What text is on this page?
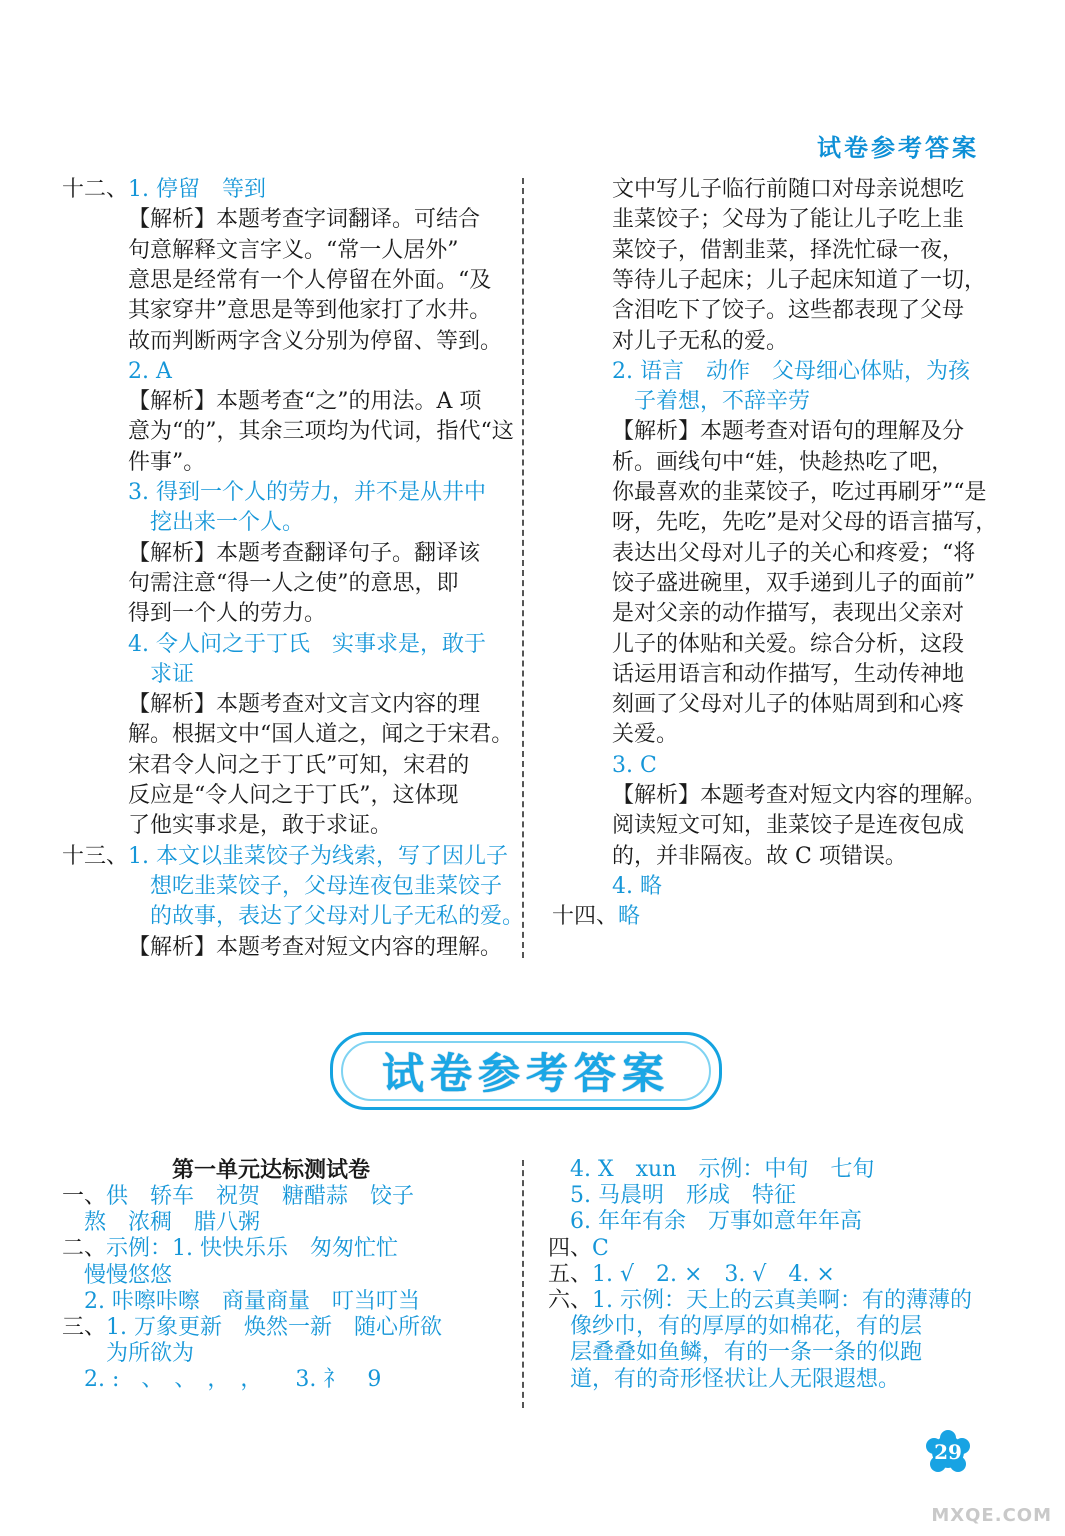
试卷参考答案
十二、1. 停留　等到
【解析】本题考查字词翻译。可结合
句意解释文言字义。“常一人居外”
意思是经常有一个人停留在外面。“及
其家穿井”意思是等到他家打了水井。
故而判断两字含义分别为停留、等到。
2. A
【解析】本题考查“之”的用法。A 项
意为“的”，其余三项均为代词，指代“这
件事”。
3. 得到一个人的劳力，并不是从井中
　挖出来一个人。
【解析】本题考查翻译句子。翻译该
句需注意“得一人之使”的意思，即
得到一个人的劳力。
4. 令人问之于丁氏　实事求是，敢于
　求证
【解析】本题考查对文言文内容的理
解。根据文中“国人道之，闻之于宋君。
宋君令人问之于丁氏”可知，宋君的
反应是“令人问之于丁氏”，这体现
了他实事求是，敢于求证。
十三、1. 本文以韭菜饺子为线索，写了因儿子
　想吃韭菜饺子，父母连夜包韭菜饺子
　的故事，表达了父母对儿子无私的爱。
【解析】本题考查对短文内容的理解。
文中写儿子临行前随口对母亲说想吃
韭菜饺子；父母为了能让儿子吃上韭
菜饺子，借割韭菜，择洗忙碌一夜，
等待儿子起床；儿子起床知道了一切，
含泪吃下了饺子。这些都表现了父母
对儿子无私的爱。
2. 语言　动作　父母细心体贴，为孩
　子着想，不辞辛劳
【解析】本题考查对语句的理解及分
析。画线句中“娃，快趁热吃了吧，
你最喜欢的韭菜饺子，吃过再刷牙”“是
呀，先吃，先吃”是对父母的语言描写，
表达出父母对儿子的关心和疼爱；“将
饺子盛进碗里，双手递到儿子的面前”
是对父亲的动作描写，表现出父亲对
儿子的体贴和关爱。综合分析，这段
话运用语言和动作描写，生动传神地
刻画了父母对儿子的体贴周到和心疼
关爱。
3. C
【解析】本题考查对短文内容的理解。
阅读短文可知，韭菜饺子是连夜包成
的，并非隔夜。故 C 项错误。
4. 略
十四、略
试卷参考答案
第一单元达标测试卷
一、供　轿车　祝贺　糖醋蒜　饺子
　熬　浓稠　腊八粥
二、示例：1. 快快乐乐　匆匆忙忙
　慢慢悠悠
　2. 咔嚓咔嚓　商量商量　叮当叮当
三、1. 万象更新　焕然一新　随心所欲
　　为所欲为
　2. :　、　、　，　，　　3. 礻　9
　4. X　xun　示例：中旬　七旬
　5. 马晨明　形成　特征
　6. 年年有余　万事如意年年高
四、C
五、1. √　2. ×　3. √　4. ×
六、1. 示例：天上的云真美啊：有的薄薄的
　像纱巾，有的厚厚的如棉花，有的层
　层叠叠如鱼鳞，有的一条一条的似跑
　道，有的奇形怪状让人无限遐想。
29
MXQE.COM
